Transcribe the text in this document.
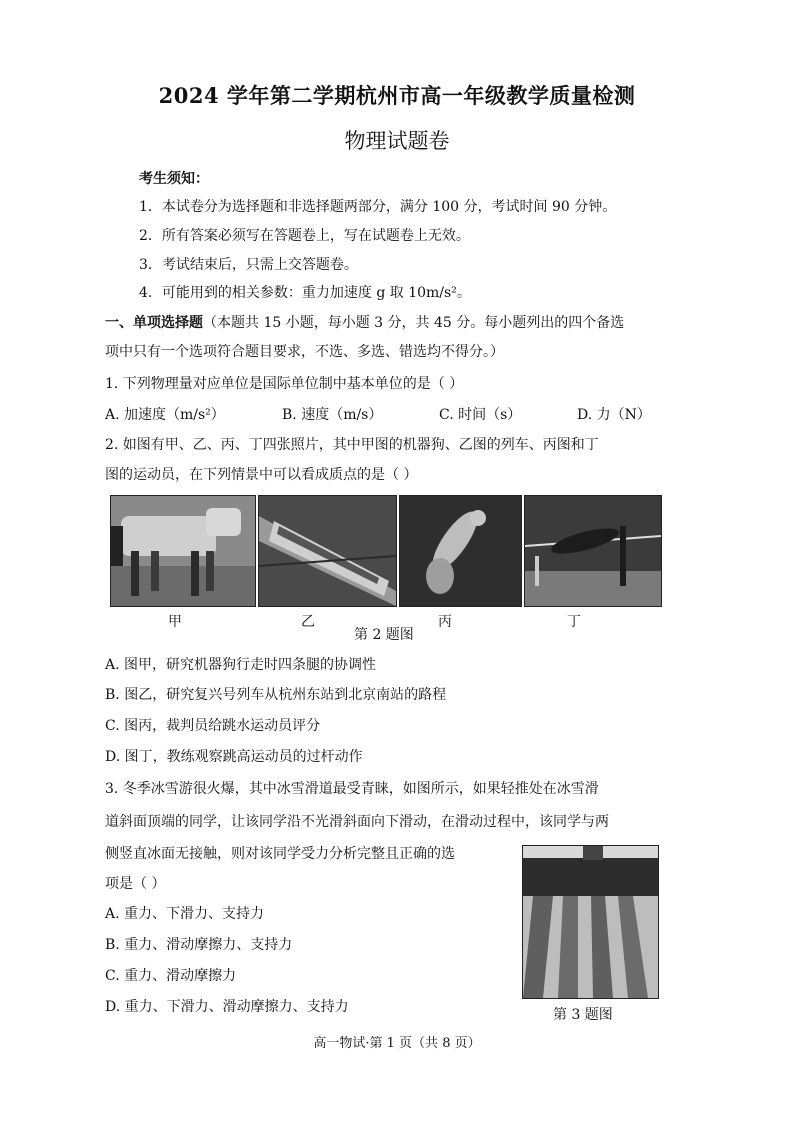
2024 学年第二学期杭州市高一年级教学质量检测
物理试题卷
考生须知：
1．本试卷分为选择题和非选择题两部分，满分 100 分，考试时间 90 分钟。
2．所有答案必须写在答题卷上，写在试题卷上无效。
3．考试结束后，只需上交答题卷。
4．可能用到的相关参数：重力加速度 g 取 10m/s²。
一、单项选择题（本题共 15 小题，每小题 3 分，共 45 分。每小题列出的四个备选
项中只有一个选项符合题目要求，不选、多选、错选均不得分。）
1. 下列物理量对应单位是国际单位制中基本单位的是（ ）
A. 加速度（m/s²）	B. 速度（m/s）	C. 时间（s）	D. 力（N）
2. 如图有甲、乙、丙、丁四张照片，其中甲图的机器狗、乙图的列车、丙图和丁
图的运动员，在下列情景中可以看成质点的是（ ）
甲	乙	丙	丁
第 2 题图
A. 图甲，研究机器狗行走时四条腿的协调性
B. 图乙，研究复兴号列车从杭州东站到北京南站的路程
C. 图丙，裁判员给跳水运动员评分
D. 图丁，教练观察跳高运动员的过杆动作
3. 冬季冰雪游很火爆，其中冰雪滑道最受青睐，如图所示，如果轻推处在冰雪滑
道斜面顶端的同学，让该同学沿不光滑斜面向下滑动，在滑动过程中，该同学与两
侧竖直冰面无接触，则对该同学受力分析完整且正确的选
项是（ ）
A. 重力、下滑力、支持力
B. 重力、滑动摩擦力、支持力
C. 重力、滑动摩擦力
D. 重力、下滑力、滑动摩擦力、支持力	第 3 题图
高一物试·第 1 页（共 8 页）
